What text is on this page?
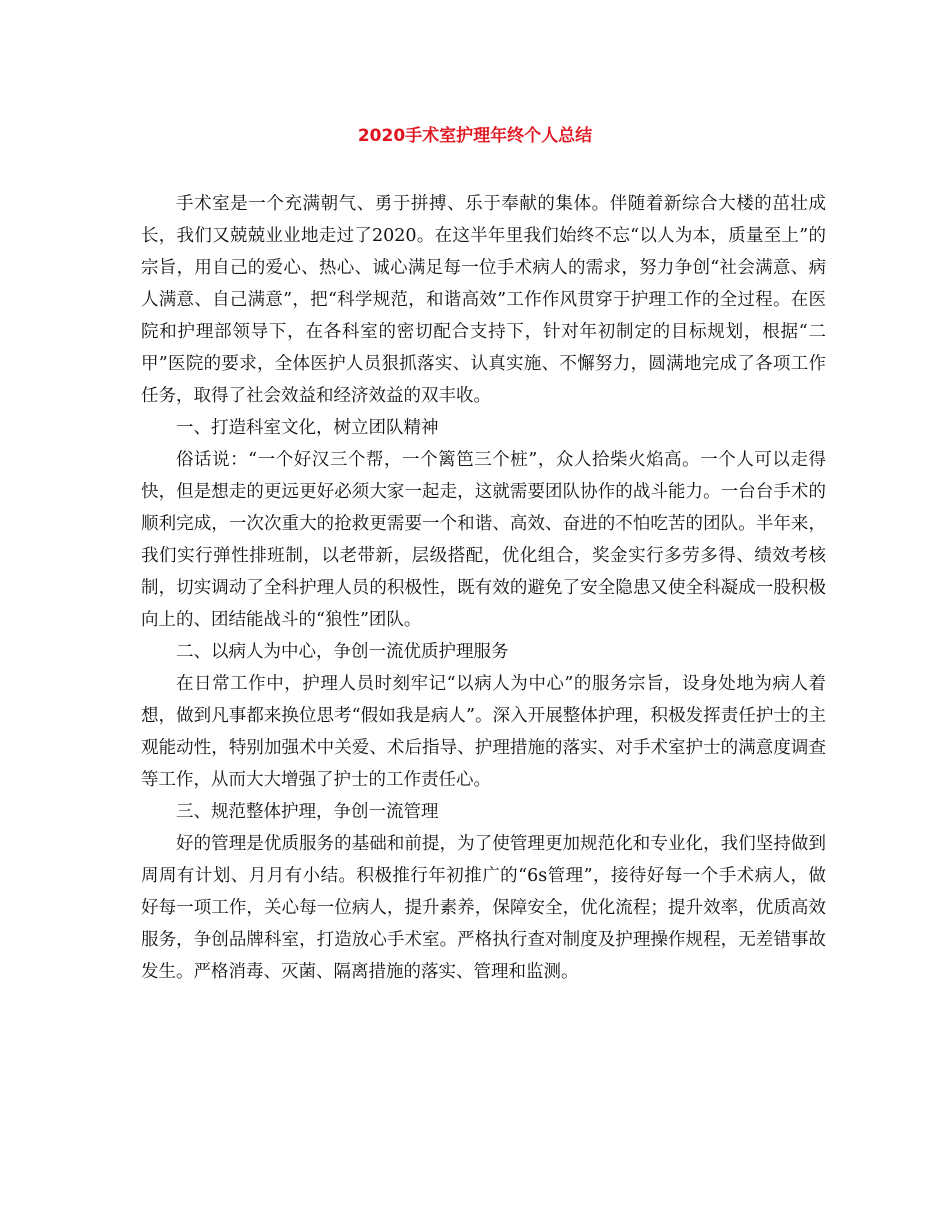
2020手术室护理年终个人总结

手术室是一个充满朝气、勇于拼搏、乐于奉献的集体。伴随着新综合大楼的茁壮成长，我们又兢兢业业地走过了2020。在这半年里我们始终不忘“以人为本，质量至上”的宗旨，用自己的爱心、热心、诚心满足每一位手术病人的需求，努力争创“社会满意、病人满意、自己满意”，把“科学规范，和谐高效”工作作风贯穿于护理工作的全过程。在医院和护理部领导下，在各科室的密切配合支持下，针对年初制定的目标规划，根据“二甲”医院的要求，全体医护人员狠抓落实、认真实施、不懈努力，圆满地完成了各项工作任务，取得了社会效益和经济效益的双丰收。

一、打造科室文化，树立团队精神

俗话说：“一个好汉三个帮，一个篱笆三个桩”，众人拾柴火焰高。一个人可以走得快，但是想走的更远更好必须大家一起走，这就需要团队协作的战斗能力。一台台手术的顺利完成，一次次重大的抢救更需要一个和谐、高效、奋进的不怕吃苦的团队。半年来，我们实行弹性排班制，以老带新，层级搭配，优化组合，奖金实行多劳多得、绩效考核制，切实调动了全科护理人员的积极性，既有效的避免了安全隐患又使全科凝成一股积极向上的、团结能战斗的“狼性”团队。

二、以病人为中心，争创一流优质护理服务

在日常工作中，护理人员时刻牢记“以病人为中心”的服务宗旨，设身处地为病人着想，做到凡事都来换位思考“假如我是病人”。深入开展整体护理，积极发挥责任护士的主观能动性，特别加强术中关爱、术后指导、护理措施的落实、对手术室护士的满意度调查等工作，从而大大增强了护士的工作责任心。

三、规范整体护理，争创一流管理

好的管理是优质服务的基础和前提，为了使管理更加规范化和专业化，我们坚持做到周周有计划、月月有小结。积极推行年初推广的“6s管理”，接待好每一个手术病人，做好每一项工作，关心每一位病人，提升素养，保障安全，优化流程；提升效率，优质高效服务，争创品牌科室，打造放心手术室。严格执行查对制度及护理操作规程，无差错事故发生。严格消毒、灭菌、隔离措施的落实、管理和监测。
